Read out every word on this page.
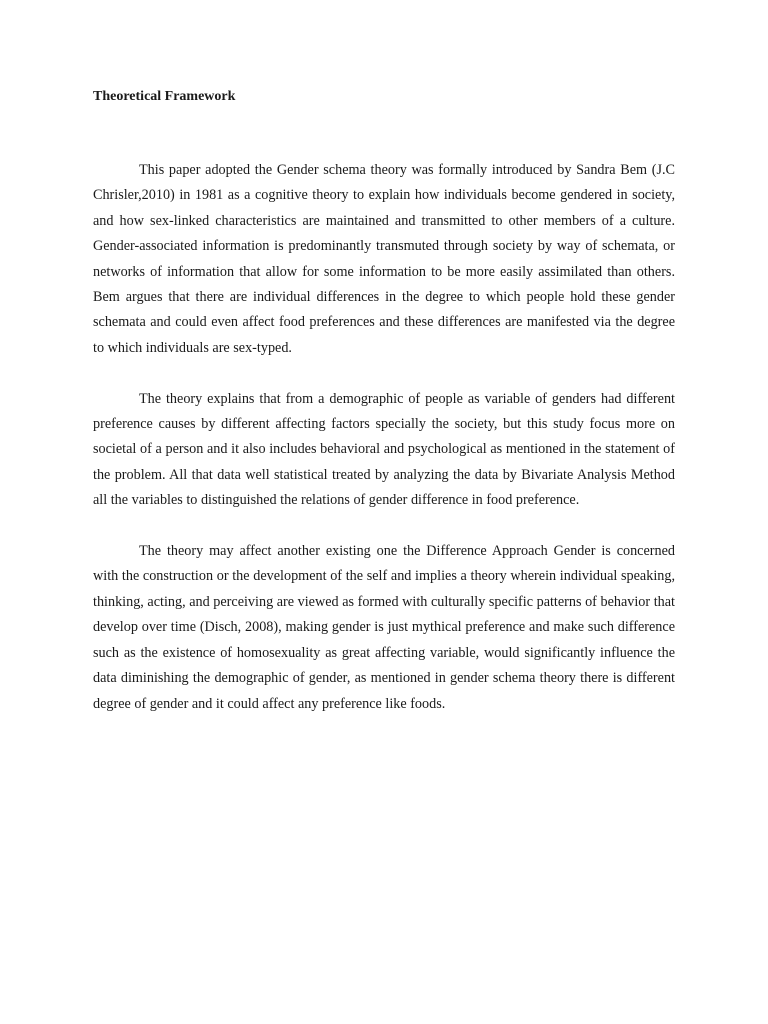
Theoretical Framework

This paper adopted the Gender schema theory was formally introduced by Sandra Bem (J.C Chrisler,2010) in 1981 as a cognitive theory to explain how individuals become gendered in society, and how sex-linked characteristics are maintained and transmitted to other members of a culture. Gender-associated information is predominantly transmuted through society by way of schemata, or networks of information that allow for some information to be more easily assimilated than others. Bem argues that there are individual differences in the degree to which people hold these gender schemata and could even affect food preferences and these differences are manifested via the degree to which individuals are sex-typed.

The theory explains that from a demographic of people as variable of genders had different preference causes by different affecting factors specially the society, but this study focus more on societal of a person and it also includes behavioral and psychological as mentioned in the statement of the problem. All that data well statistical treated by analyzing the data by Bivariate Analysis Method all the variables to distinguished the relations of gender difference in food preference.

The theory may affect another existing one the Difference Approach Gender is concerned with the construction or the development of the self and implies a theory wherein individual speaking, thinking, acting, and perceiving are viewed as formed with culturally specific patterns of behavior that develop over time (Disch, 2008), making gender is just mythical preference and make such difference such as the existence of homosexuality as great affecting variable, would significantly influence the data diminishing the demographic of gender, as mentioned in gender schema theory there is different degree of gender and it could affect any preference like foods.
